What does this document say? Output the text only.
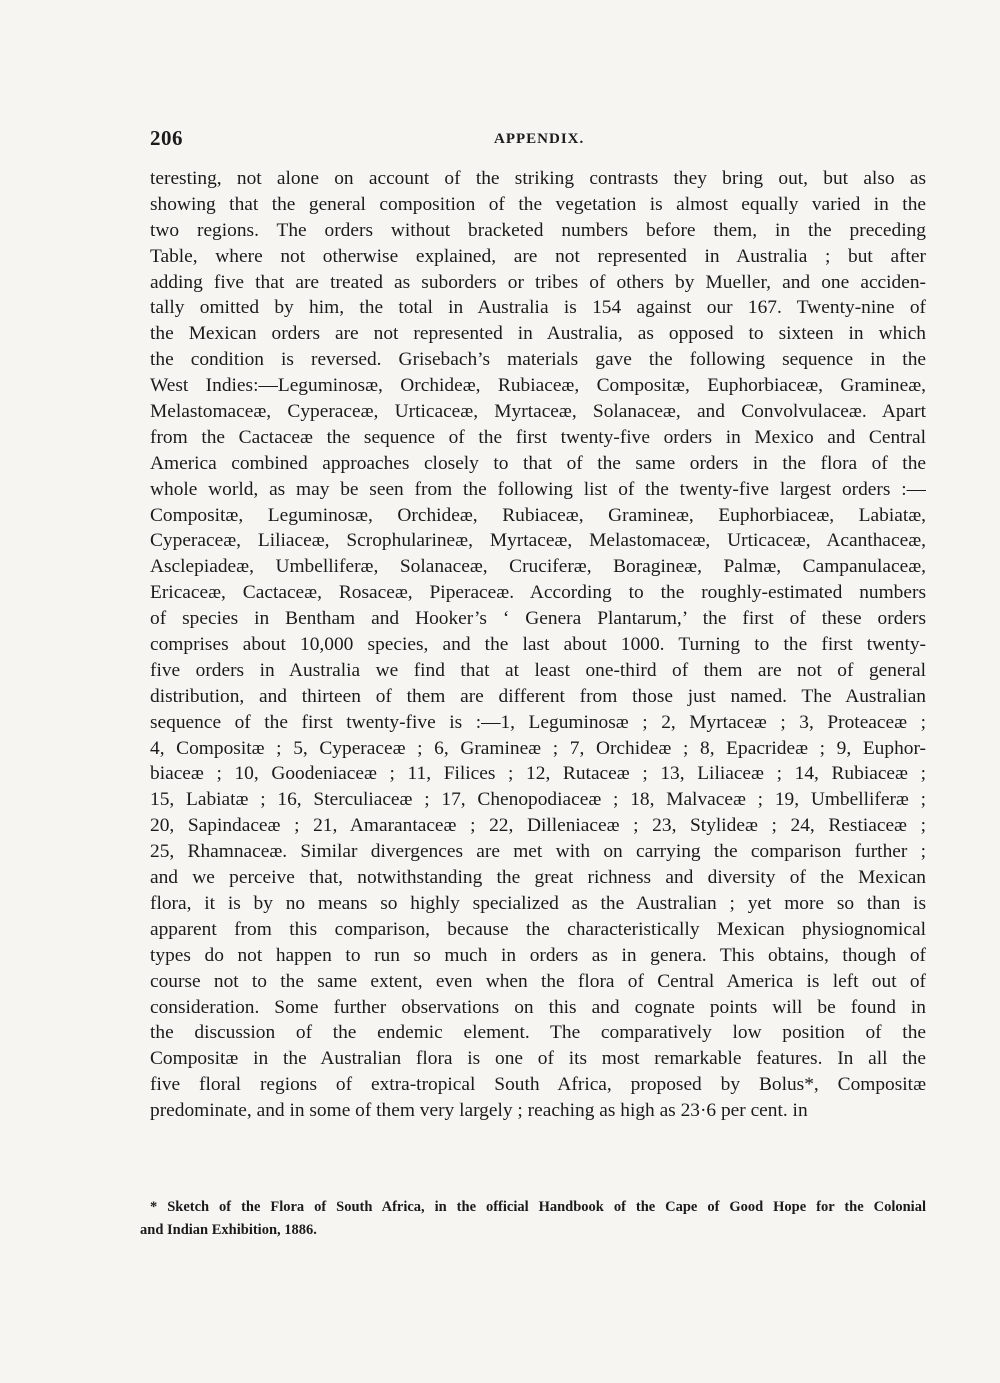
206	APPENDIX.
teresting, not alone on account of the striking contrasts they bring out, but also as
showing that the general composition of the vegetation is almost equally varied in the
two regions. The orders without bracketed numbers before them, in the preceding
Table, where not otherwise explained, are not represented in Australia ; but after
adding five that are treated as suborders or tribes of others by Mueller, and one acciden-
tally omitted by him, the total in Australia is 154 against our 167. Twenty-nine of
the Mexican orders are not represented in Australia, as opposed to sixteen in which
the condition is reversed. Grisebach’s materials gave the following sequence in the
West Indies:—Leguminosæ, Orchideæ, Rubiaceæ, Compositæ, Euphorbiaceæ, Gramineæ,
Melastomaceæ, Cyperaceæ, Urticaceæ, Myrtaceæ, Solanaceæ, and Convolvulaceæ. Apart
from the Cactaceæ the sequence of the first twenty-five orders in Mexico and Central
America combined approaches closely to that of the same orders in the flora of the
whole world, as may be seen from the following list of the twenty-five largest orders :—
Compositæ, Leguminosæ, Orchideæ, Rubiaceæ, Gramineæ, Euphorbiaceæ, Labiatæ,
Cyperaceæ, Liliaceæ, Scrophularineæ, Myrtaceæ, Melastomaceæ, Urticaceæ, Acanthaceæ,
Asclepiadeæ, Umbelliferæ, Solanaceæ, Cruciferæ, Boragineæ, Palmæ, Campanulaceæ,
Ericaceæ, Cactaceæ, Rosaceæ, Piperaceæ. According to the roughly-estimated numbers
of species in Bentham and Hooker’s ‘ Genera Plantarum,’ the first of these orders
comprises about 10,000 species, and the last about 1000. Turning to the first twenty-
five orders in Australia we find that at least one-third of them are not of general
distribution, and thirteen of them are different from those just named. The Australian
sequence of the first twenty-five is :—1, Leguminosæ ; 2, Myrtaceæ ; 3, Proteaceæ ;
4, Compositæ ; 5, Cyperaceæ ; 6, Gramineæ ; 7, Orchideæ ; 8, Epacrideæ ; 9, Euphor-
biaceæ ; 10, Goodeniaceæ ; 11, Filices ; 12, Rutaceæ ; 13, Liliaceæ ; 14, Rubiaceæ ;
15, Labiatæ ; 16, Sterculiaceæ ; 17, Chenopodiaceæ ; 18, Malvaceæ ; 19, Umbelliferæ ;
20, Sapindaceæ ; 21, Amarantaceæ ; 22, Dilleniaceæ ; 23, Stylideæ ; 24, Restiaceæ ;
25, Rhamnaceæ. Similar divergences are met with on carrying the comparison further ;
and we perceive that, notwithstanding the great richness and diversity of the Mexican
flora, it is by no means so highly specialized as the Australian ; yet more so than is
apparent from this comparison, because the characteristically Mexican physiognomical
types do not happen to run so much in orders as in genera. This obtains, though of
course not to the same extent, even when the flora of Central America is left out of
consideration. Some further observations on this and cognate points will be found in
the discussion of the endemic element. The comparatively low position of the
Compositæ in the Australian flora is one of its most remarkable features. In all the
five floral regions of extra-tropical South Africa, proposed by Bolus*, Compositæ
predominate, and in some of them very largely ; reaching as high as 23·6 per cent. in
* Sketch of the Flora of South Africa, in the official Handbook of the Cape of Good Hope for the Colonial
and Indian Exhibition, 1886.
